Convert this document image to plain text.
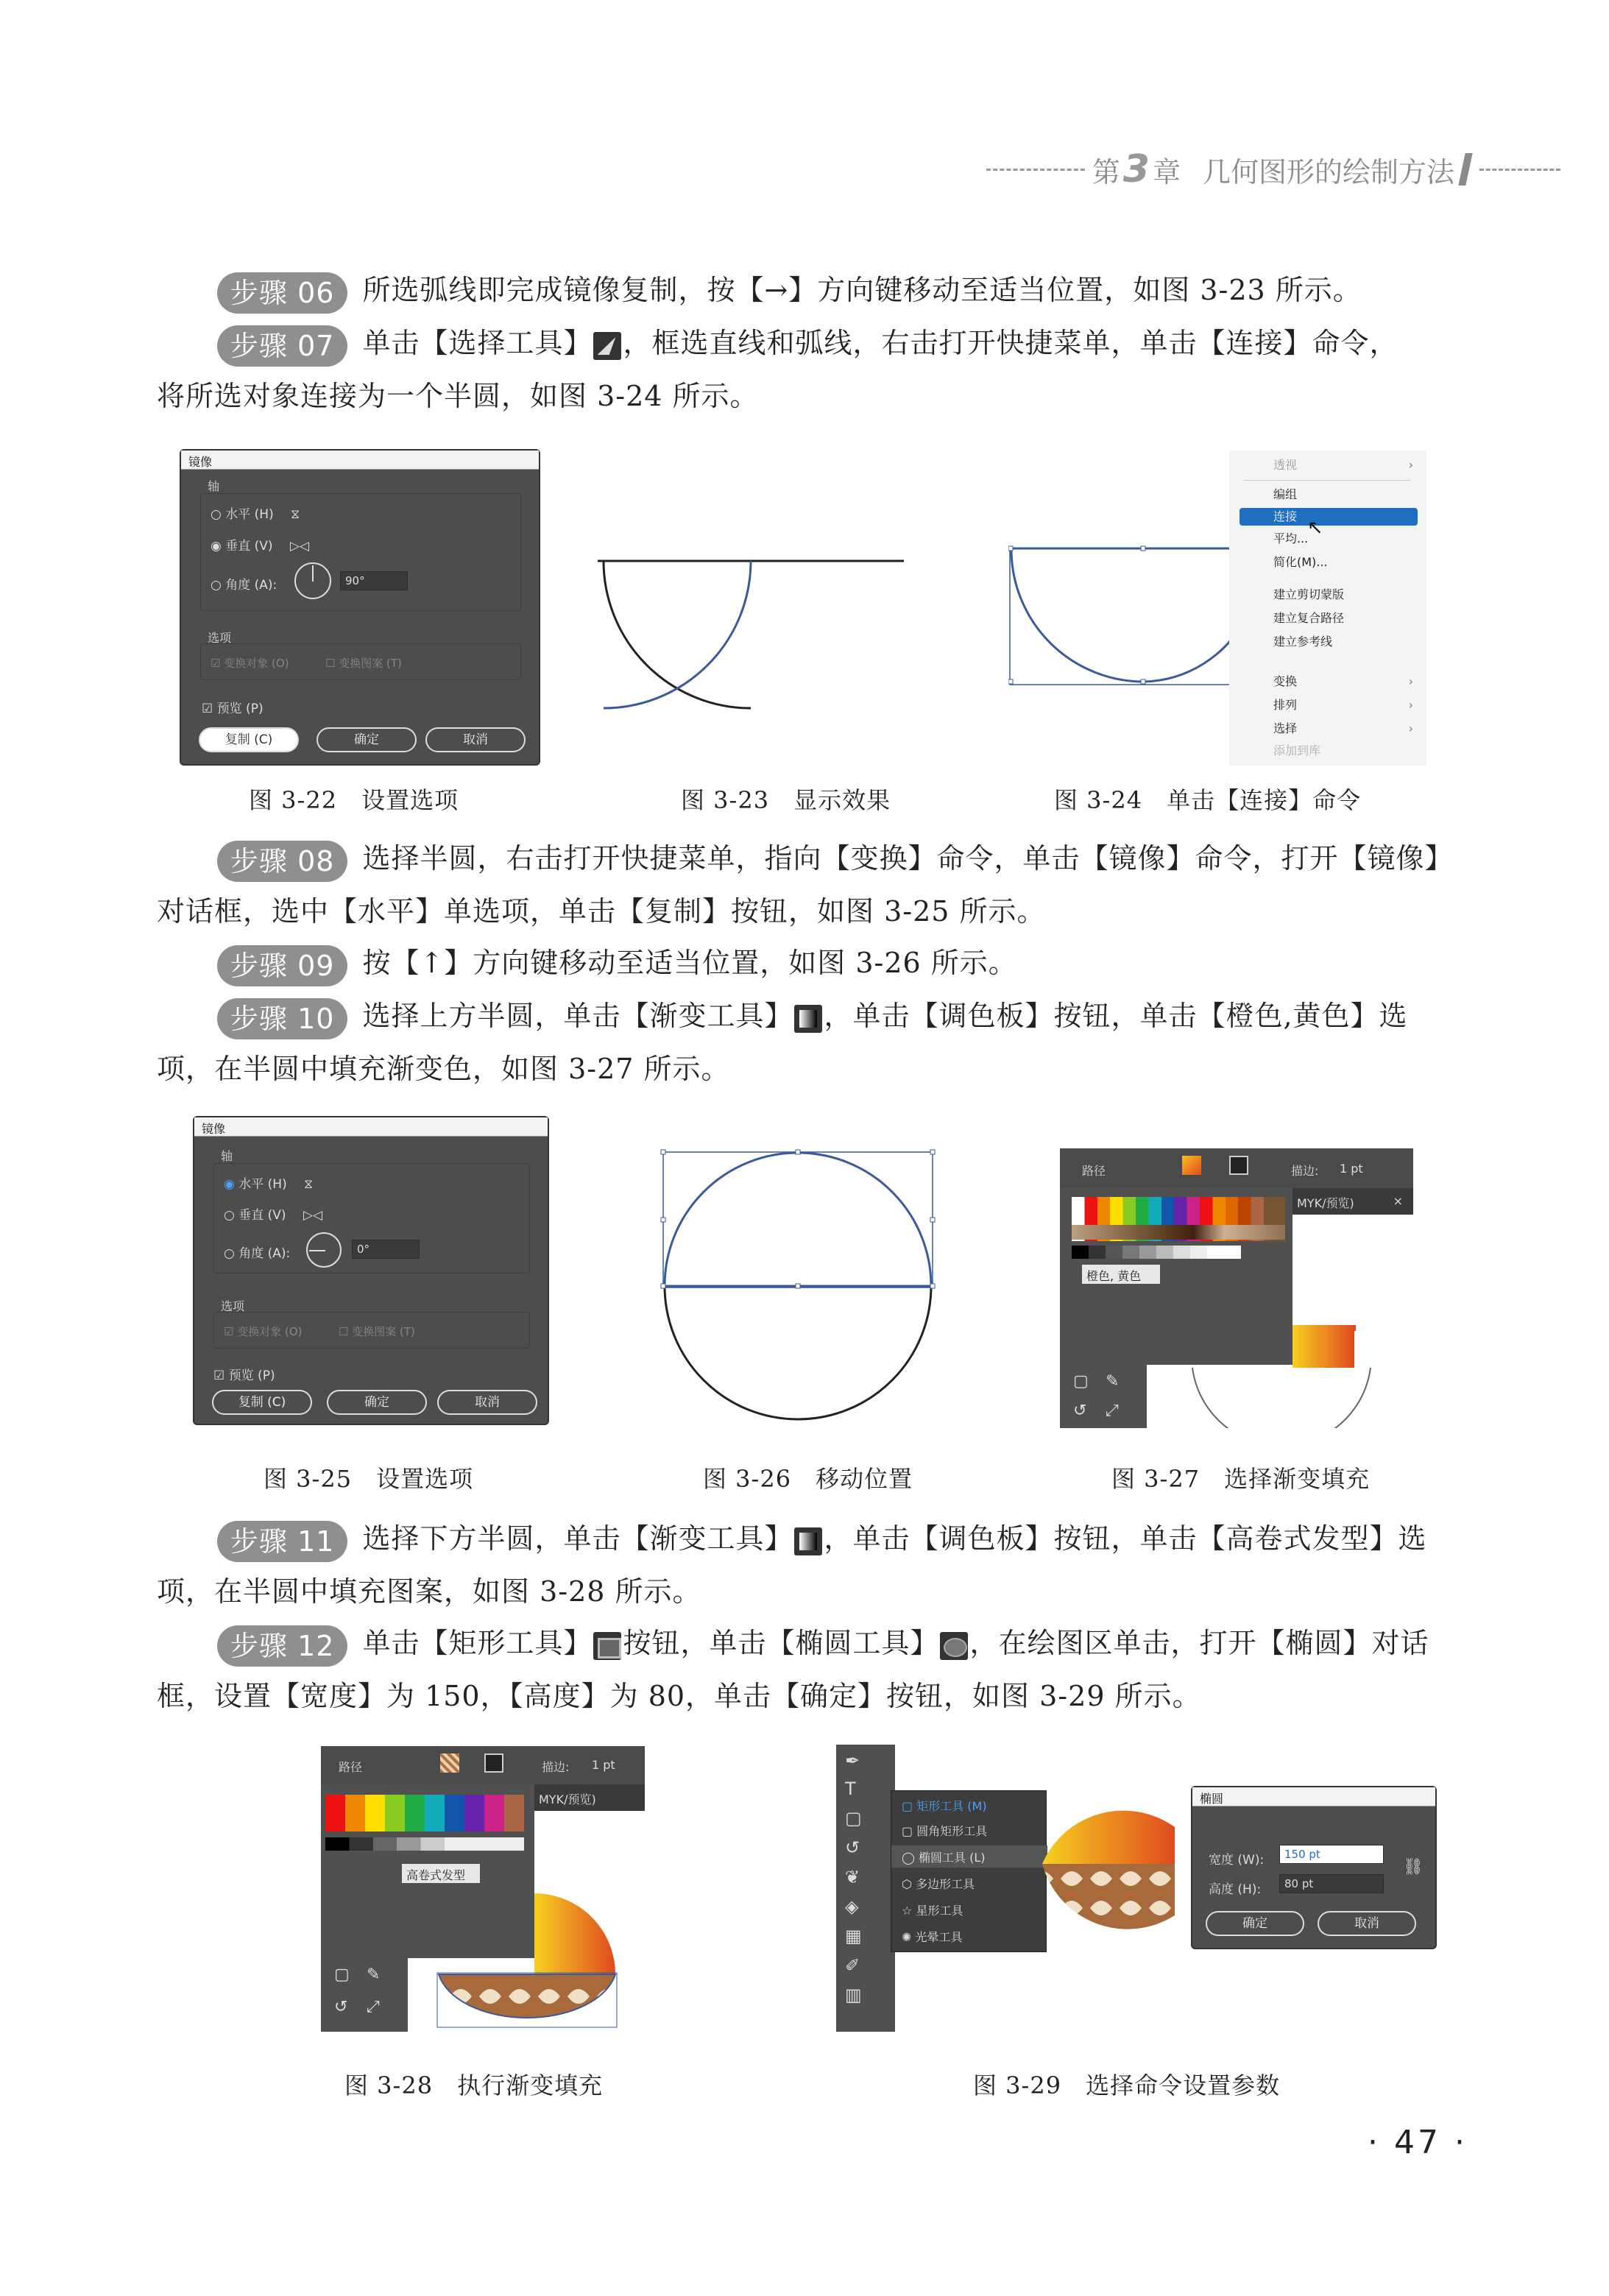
第 3 章 几何图形的绘制方法
步骤 06 所选弧线即完成镜像复制，按【→】方向键移动至适当位置，如图 3-23 所示。
步骤 07 单击【选择工具】 ，框选直线和弧线，右击打开快捷菜单，单击【连接】命令，
将所选对象连接为一个半圆，如图 3-24 所示。
镜像
轴
○ 水平 (H) ⧖
◉ 垂直 (V) ▷◁
○ 角度 (A):	90°
选项
☑ 变换对象 (O)	☐ 变换图案 (T)
☑ 预览 (P)
复制 (C)	确定	取消
透视	›
编组
连接
平均...
简化(M)...
建立剪切蒙版
建立复合路径
建立参考线
变换	›
排列	›
选择	›
添加到库
↖
图 3-22　设置选项	图 3-23　显示效果	图 3-24　单击【连接】命令
步骤 08 选择半圆，右击打开快捷菜单，指向【变换】命令，单击【镜像】命令，打开【镜像】
对话框，选中【水平】单选项，单击【复制】按钮，如图 3-25 所示。
步骤 09 按【↑】方向键移动至适当位置，如图 3-26 所示。
步骤 10 选择上方半圆，单击【渐变工具】 ，单击【调色板】按钮，单击【橙色,黄色】选
项，在半圆中填充渐变色，如图 3-27 所示。
镜像
轴
◉ 水平 (H) ⧖
○ 垂直 (V) ▷◁
○ 角度 (A):	0°
选项
☑ 变换对象 (O)	☐ 变换图案 (T)
☑ 预览 (P)
复制 (C)	确定	取消
路径	描边: 1 pt
MYK/预览)	×
橙色, 黄色
▢ ✎
↺ ⤢
图 3-25　设置选项	图 3-26　移动位置	图 3-27　选择渐变填充
步骤 11 选择下方半圆，单击【渐变工具】 ，单击【调色板】按钮，单击【高卷式发型】选
项，在半圆中填充图案，如图 3-28 所示。
步骤 12 单击【矩形工具】 按钮，单击【椭圆工具】 ，在绘图区单击，打开【椭圆】对话
框，设置【宽度】为 150，【高度】为 80，单击【确定】按钮，如图 3-29 所示。
路径	描边: 1 pt
MYK/预览)
高卷式发型
▢ ✎
↺ ⤢
✒
T
▢
↺
❦
◈
▦
✐
▥
▢ 矩形工具 (M)
▢ 圆角矩形工具
◯ 椭圆工具 (L)
⬡ 多边形工具
☆ 星形工具
✺ 光晕工具
椭圆
宽度 (W):	150 pt
高度 (H):	80 pt
⛓
确定	取消
图 3-28　执行渐变填充	图 3-29　选择命令设置参数
· 47 ·
